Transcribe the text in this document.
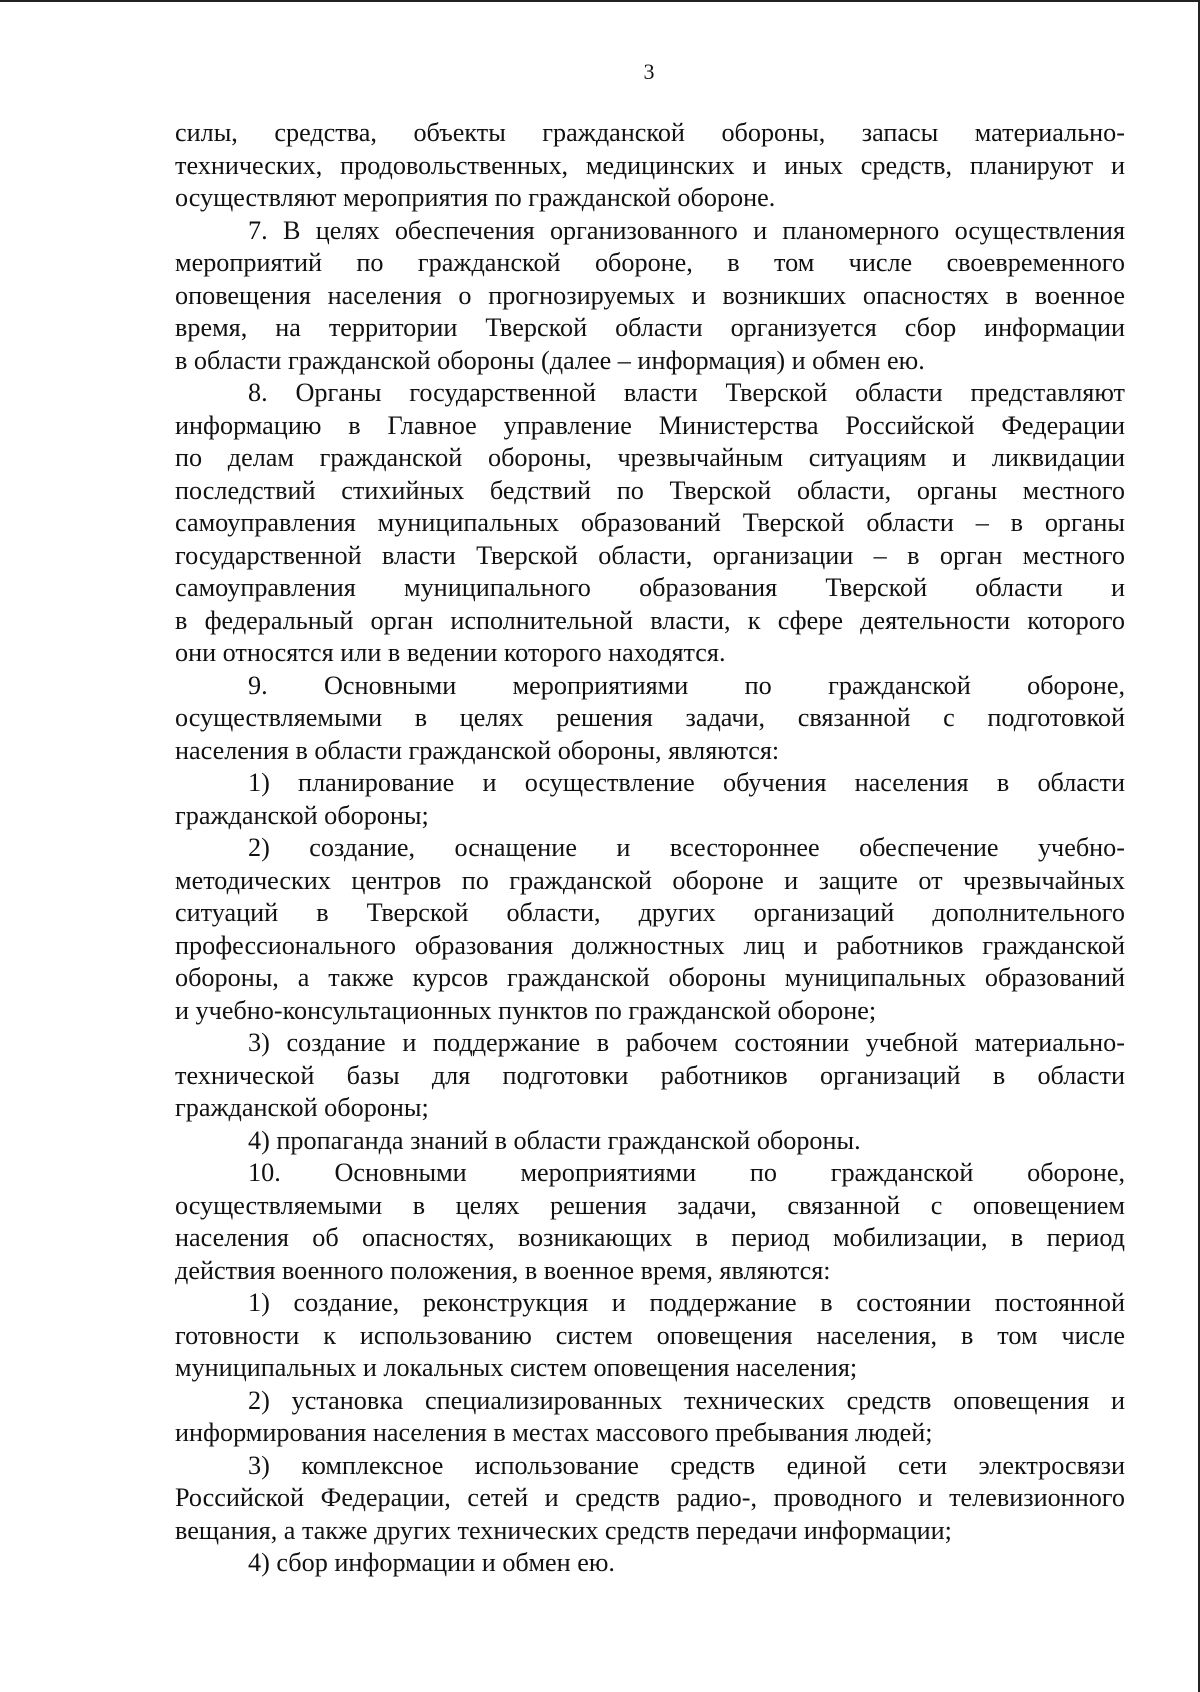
3
силы, средства, объекты гражданской обороны, запасы материально-
технических, продовольственных, медицинских и иных средств, планируют и
осуществляют мероприятия по гражданской обороне.
7. В целях обеспечения организованного и планомерного осуществления
мероприятий по гражданской обороне, в том числе своевременного
оповещения населения о прогнозируемых и возникших опасностях в военное
время, на территории Тверской области организуется сбор информации
в области гражданской обороны (далее – информация) и обмен ею.
8. Органы государственной власти Тверской области представляют
информацию в Главное управление Министерства Российской Федерации
по делам гражданской обороны, чрезвычайным ситуациям и ликвидации
последствий стихийных бедствий по Тверской области, органы местного
самоуправления муниципальных образований Тверской области – в органы
государственной власти Тверской области, организации – в орган местного
самоуправления муниципального образования Тверской области и
в федеральный орган исполнительной власти, к сфере деятельности которого
они относятся или в ведении которого находятся.
9. Основными мероприятиями по гражданской обороне,
осуществляемыми в целях решения задачи, связанной с подготовкой
населения в области гражданской обороны, являются:
1) планирование и осуществление обучения населения в области
гражданской обороны;
2) создание, оснащение и всестороннее обеспечение учебно-
методических центров по гражданской обороне и защите от чрезвычайных
ситуаций в Тверской области, других организаций дополнительного
профессионального образования должностных лиц и работников гражданской
обороны, а также курсов гражданской обороны муниципальных образований
и учебно-консультационных пунктов по гражданской обороне;
3) создание и поддержание в рабочем состоянии учебной материально-
технической базы для подготовки работников организаций в области
гражданской обороны;
4) пропаганда знаний в области гражданской обороны.
10. Основными мероприятиями по гражданской обороне,
осуществляемыми в целях решения задачи, связанной с оповещением
населения об опасностях, возникающих в период мобилизации, в период
действия военного положения, в военное время, являются:
1) создание, реконструкция и поддержание в состоянии постоянной
готовности к использованию систем оповещения населения, в том числе
муниципальных и локальных систем оповещения населения;
2) установка специализированных технических средств оповещения и
информирования населения в местах массового пребывания людей;
3) комплексное использование средств единой сети электросвязи
Российской Федерации, сетей и средств радио-, проводного и телевизионного
вещания, а также других технических средств передачи информации;
4) сбор информации и обмен ею.
